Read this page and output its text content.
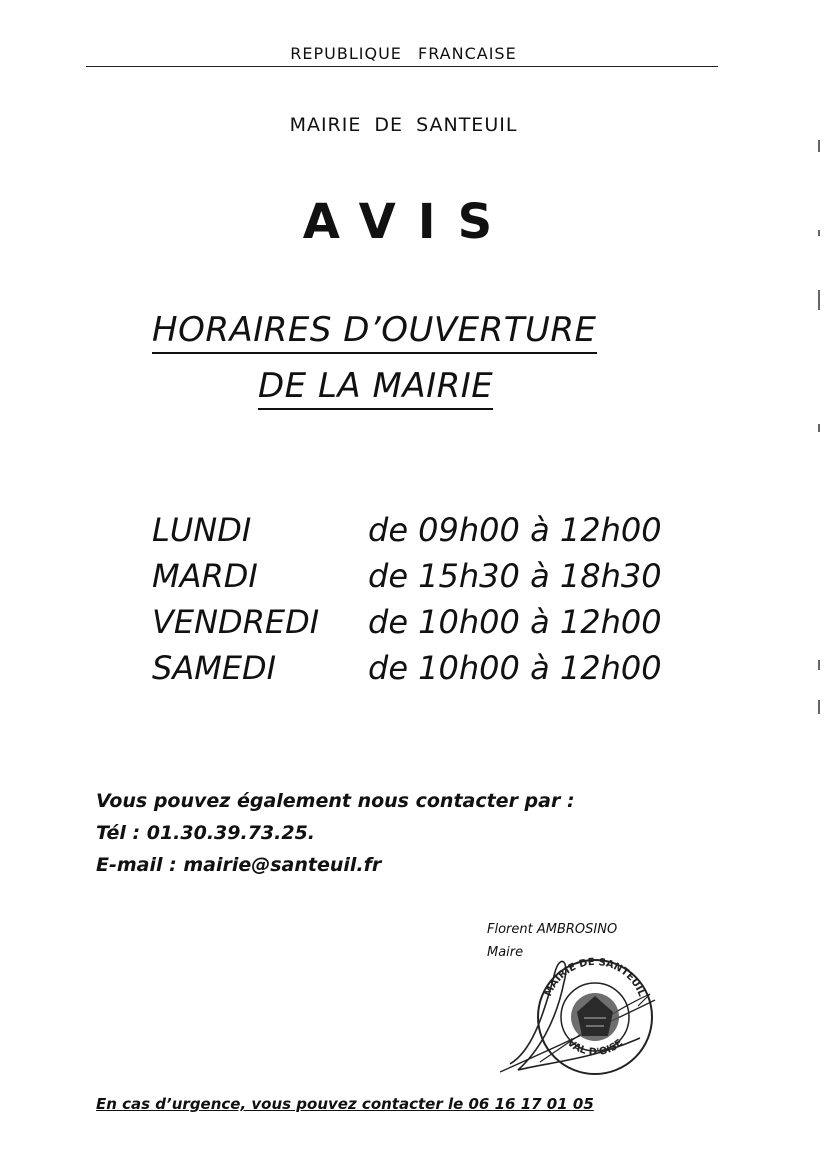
REPUBLIQUE FRANCAISE
MAIRIE DE SANTEUIL
AVIS
HORAIRES D’OUVERTURE
DE LA MAIRIE
LUNDI	de 09h00 à 12h00
MARDI	de 15h30 à 18h30
VENDREDI de 10h00 à 12h00
SAMEDI	de 10h00 à 12h00
Vous pouvez également nous contacter par :
Tél : 01.30.39.73.25.
E-mail : mairie@santeuil.fr
Florent AMBROSINO
Maire
MAIRIE DE SANTEUIL
VAL D'OISE
En cas d’urgence, vous pouvez contacter le 06 16 17 01 05
